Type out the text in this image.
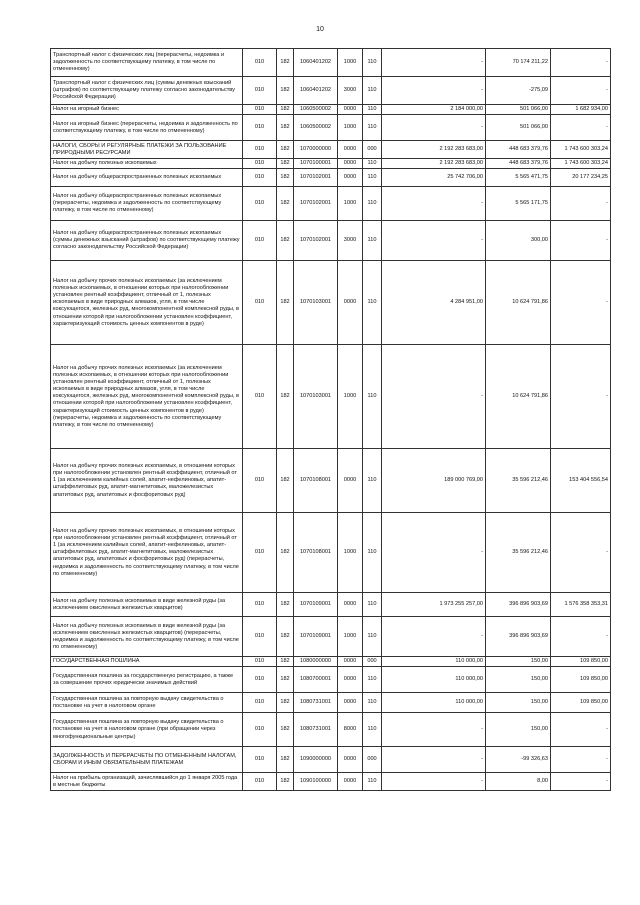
10
Транспортный налог с физических лиц (перерасчеты, недоимка и задолженность по соответствующему платежу, в том числе по отмененному)	010	182	1060401202	1000	110	-	70 174 211,22	-
Транспортный налог с физических лиц (суммы денежных взысканий (штрафов) по соответствующему платежу согласно законодательству Российской Федерации)	010	182	1060401202	3000	110	-	-275,09	-
Налог на игорный бизнес	010	182	1060500002	0000	110	2 184 000,00	501 066,00	1 682 934,00
Налог на игорный бизнес (перерасчеты, недоимка и задолженность по соответствующему платежу, в том числе по отмененному)	010	182	1060500002	1000	110	-	501 066,00	-
НАЛОГИ, СБОРЫ И РЕГУЛЯРНЫЕ ПЛАТЕЖИ ЗА ПОЛЬЗОВАНИЕ ПРИРОДНЫМИ РЕСУРСАМИ	010	182	1070000000	0000	000	2 192 283 683,00	448 683 379,76	1 743 600 303,24
Налог на добычу полезных ископаемых	010	182	1070100001	0000	110	2 192 283 683,00	448 683 379,76	1 743 600 303,24
Налог на добычу общераспространенных полезных ископаемых	010	182	1070102001	0000	110	25 742 706,00	5 565 471,75	20 177 234,25
Налог на добычу общераспространенных полезных ископаемых (перерасчеты, недоимка и задолженность по соответствующему платежу, в том числе по отмененному)	010	182	1070102001	1000	110	-	5 565 171,75	-
Налог на добычу общераспространенных полезных ископаемых (суммы денежных взысканий (штрафов) по соответствующему платежу согласно законодательству Российской Федерации)	010	182	1070102001	3000	110	-	300,00	-
Налог на добычу прочих полезных ископаемых (за исключением полезных ископаемых, в отношении которых при налогообложении установлен рентный коэффициент, отличный от 1, полезных ископаемых в виде природных алмазов, угля, в том числе коксующегося, железных руд, многокомпонентной комплексной руды, в отношении которой при налогообложении установлен коэффициент, характеризующий стоимость ценных компонентов в руде)	010	182	1070103001	0000	110	4 284 951,00	10 624 791,86	-
Налог на добычу прочих полезных ископаемых (за исключением полезных ископаемых, в отношении которых при налогообложении установлен рентный коэффициент, отличный от 1, полезных ископаемых в виде природных алмазов, угля, в том числе коксующегося, железных руд, многокомпонентной комплексной руды, в отношении которой при налогообложении установлен коэффициент, характеризующий стоимость ценных компонентов в руде) (перерасчеты, недоимка и задолженность по соответствующему платежу, в том числе по отмененному)	010	182	1070103001	1000	110	-	10 624 791,86	-
Налог на добычу прочих полезных ископаемых, в отношении которых при налогообложении установлен рентный коэффициент, отличный от 1 (за исключением калийных солей, апатит-нефелиновых, апатит-штаффелитовых руд, апатит-магнетитовых, маложелезистых апатитовых руд, апатитовых и фосфоритовых руд)	010	182	1070108001	0000	110	189 000 769,00	35 596 212,46	153 404 556,54
Налог на добычу прочих полезных ископаемых, в отношении которых при налогообложении установлен рентный коэффициент, отличный от 1 (за исключением калийных солей, апатит-нефелиновых, апатит-штаффелитовых руд, апатит-магнетитовых, маложелезистых апатитовых руд, апатитовых и фосфоритовых руд) (перерасчеты, недоимка и задолженность по соответствующему платежу, в том числе по отмененному)	010	182	1070108001	1000	110	-	35 596 212,46	-
Налог на добычу полезных ископаемых в виде железной руды (за исключением окисленных железистых кварцитов)	010	182	1070109001	0000	110	1 973 255 257,00	396 896 903,69	1 576 358 353,31
Налог на добычу полезных ископаемых в виде железной руды (за исключением окисленных железистых кварцитов) (перерасчеты, недоимка и задолженность по соответствующему платежу, в том числе по отмененному)	010	182	1070109001	1000	110	-	396 896 903,69	-
ГОСУДАРСТВЕННАЯ ПОШЛИНА	010	182	1080000000	0000	000	110 000,00	150,00	109 850,00
Государственная пошлина за государственную регистрацию, а также за совершение прочих юридически значимых действий	010	182	1080700001	0000	110	110 000,00	150,00	109 850,00
Государственная пошлина за повторную выдачу свидетельства о постановке на учет в налоговом органе	010	182	1080731001	0000	110	110 000,00	150,00	109 850,00
Государственная пошлина за повторную выдачу свидетельства о постановке на учет в налоговом органе (при обращении через многофункциональные центры)	010	182	1080731001	8000	110	-	150,00	-
ЗАДОЛЖЕННОСТЬ И ПЕРЕРАСЧЕТЫ ПО ОТМЕНЕННЫМ НАЛОГАМ, СБОРАМ И ИНЫМ ОБЯЗАТЕЛЬНЫМ ПЛАТЕЖАМ	010	182	1090000000	0000	000	-	-99 326,63	-
Налог на прибыль организаций, зачислявшийся до 1 января 2005 года в местные бюджеты	010	182	1090100000	0000	110	-	8,00	-
